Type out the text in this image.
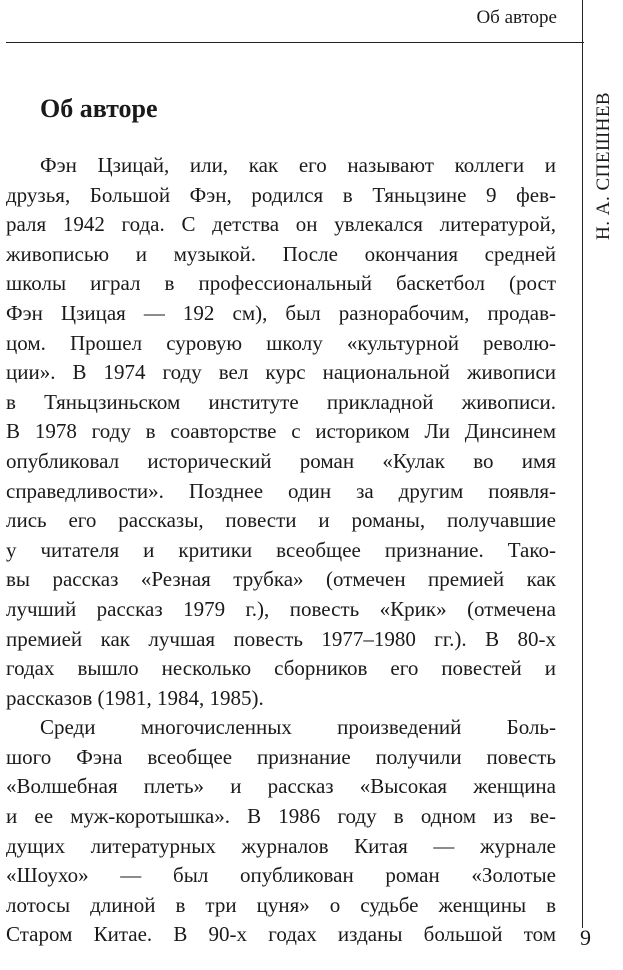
Об авторе
Н. А. СПЕШНЕВ
Об авторе
Фэн Цзицай, или, как его называют коллеги и
друзья, Большой Фэн, родился в Тяньцзине 9 фев-
раля 1942 года. С детства он увлекался литературой,
живописью и музыкой. После окончания средней
школы играл в профессиональный баскетбол (рост
Фэн Цзицая — 192 см), был разнорабочим, продав-
цом. Прошел суровую школу «культурной револю-
ции». В 1974 году вел курс национальной живописи
в Тяньцзиньском институте прикладной живописи.
В 1978 году в соавторстве с историком Ли Динсинем
опубликовал исторический роман «Кулак во имя
справедливости». Позднее один за другим появля-
лись его рассказы, повести и романы, получавшие
у читателя и критики всеобщее признание. Тако-
вы рассказ «Резная трубка» (отмечен премией как
лучший рассказ 1979 г.), повесть «Крик» (отмечена
премией как лучшая повесть 1977–1980 гг.). В 80-х
годах вышло несколько сборников его повестей и
рассказов (1981, 1984, 1985).
Среди многочисленных произведений Боль-
шого Фэна всеобщее признание получили повесть
«Волшебная плеть» и рассказ «Высокая женщина
и ее муж-коротышка». В 1986 году в одном из ве-
дущих литературных журналов Китая — журнале
«Шоухо» — был опубликован роман «Золотые
лотосы длиной в три цуня» о судьбе женщины в
Старом Китае. В 90-х годах изданы большой том 9
